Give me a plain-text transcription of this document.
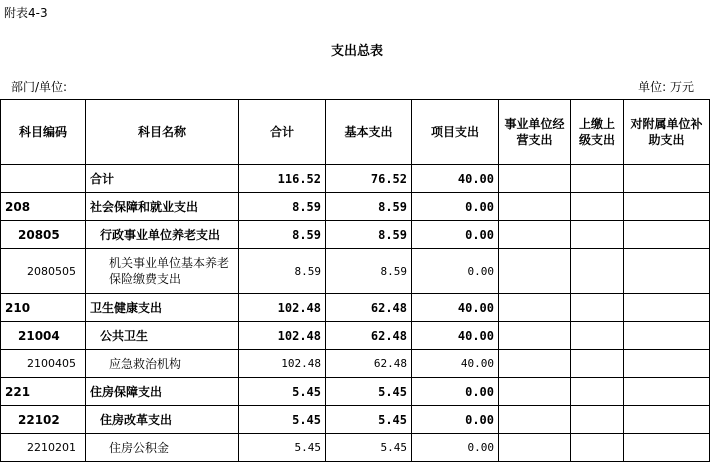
附表4-3
支出总表
部门/单位:	单位: 万元
科目编码	科目名称	合计	基本支出	项目支出	事业单位经营支出	上缴上级支出	对附属单位补助支出
	合计	116.52	76.52	40.00			
208	社会保障和就业支出	8.59	8.59	0.00			
20805	行政事业单位养老支出	8.59	8.59	0.00			
2080505	机关事业单位基本养老保险缴费支出	8.59	8.59	0.00			
210	卫生健康支出	102.48	62.48	40.00			
21004	公共卫生	102.48	62.48	40.00			
2100405	应急救治机构	102.48	62.48	40.00			
221	住房保障支出	5.45	5.45	0.00			
22102	住房改革支出	5.45	5.45	0.00			
2210201	住房公积金	5.45	5.45	0.00			
